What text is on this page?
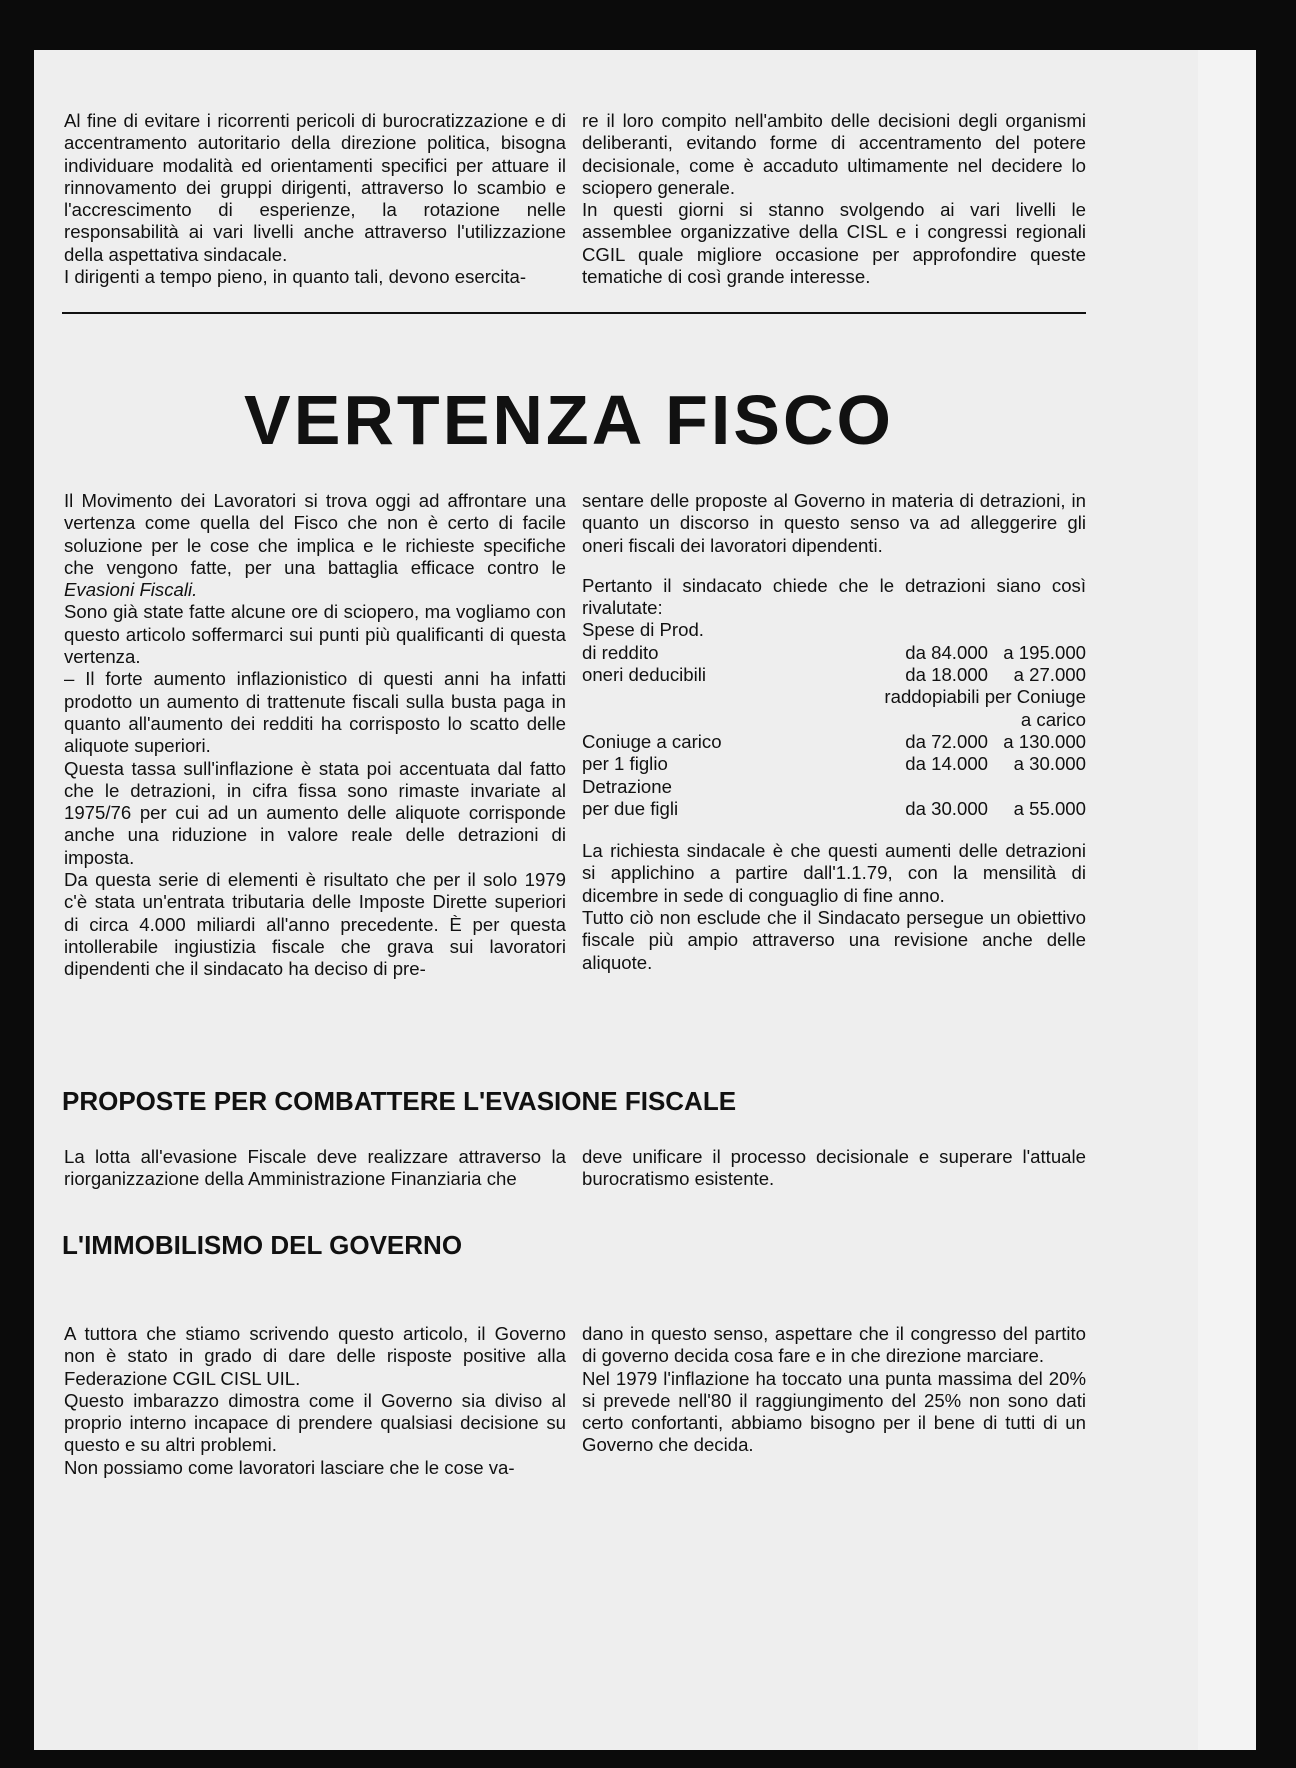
Al fine di evitare i ricorrenti pericoli di burocratizzazione e di accentramento autoritario della direzione politica, bisogna individuare modalità ed orientamenti specifici per attuare il rinnovamento dei gruppi dirigenti, attraverso lo scambio e l'accrescimento di esperienze, la rotazione nelle responsabilità ai vari livelli anche attraverso l'utilizzazione della aspettativa sindacale.

I dirigenti a tempo pieno, in quanto tali, devono esercita-

re il loro compito nell'ambito delle decisioni degli organismi deliberanti, evitando forme di accentramento del potere decisionale, come è accaduto ultimamente nel decidere lo sciopero generale.

In questi giorni si stanno svolgendo ai vari livelli le assemblee organizzative della CISL e i congressi regionali CGIL quale migliore occasione per approfondire queste tematiche di così grande interesse.

VERTENZA FISCO

Il Movimento dei Lavoratori si trova oggi ad affrontare una vertenza come quella del Fisco che non è certo di facile soluzione per le cose che implica e le richieste specifiche che vengono fatte, per una battaglia efficace contro le Evasioni Fiscali.

Sono già state fatte alcune ore di sciopero, ma vogliamo con questo articolo soffermarci sui punti più qualificanti di questa vertenza.

– Il forte aumento inflazionistico di questi anni ha infatti prodotto un aumento di trattenute fiscali sulla busta paga in quanto all'aumento dei redditi ha corrisposto lo scatto delle aliquote superiori.

Questa tassa sull'inflazione è stata poi accentuata dal fatto che le detrazioni, in cifra fissa sono rimaste invariate al 1975/76 per cui ad un aumento delle aliquote corrisponde anche una riduzione in valore reale delle detrazioni di imposta.

Da questa serie di elementi è risultato che per il solo 1979 c'è stata un'entrata tributaria delle Imposte Dirette superiori di circa 4.000 miliardi all'anno precedente. È per questa intollerabile ingiustizia fiscale che grava sui lavoratori dipendenti che il sindacato ha deciso di pre-

sentare delle proposte al Governo in materia di detrazioni, in quanto un discorso in questo senso va ad alleggerire gli oneri fiscali dei lavoratori dipendenti.

Pertanto il sindacato chiede che le detrazioni siano così rivalutate:

Spese di Prod.		
di reddito	da 84.000	a 195.000
oneri deducibili	da 18.000	a 27.000
raddopiabili per Coniuge		
a carico		
Coniuge a carico	da 72.000	a 130.000
per 1 figlio	da 14.000	a 30.000
Detrazione		
per due figli	da 30.000	a 55.000

La richiesta sindacale è che questi aumenti delle detrazioni si applichino a partire dall'1.1.79, con la mensilità di dicembre in sede di conguaglio di fine anno.

Tutto ciò non esclude che il Sindacato persegue un obiettivo fiscale più ampio attraverso una revisione anche delle aliquote.

PROPOSTE PER COMBATTERE L'EVASIONE FISCALE

La lotta all'evasione Fiscale deve realizzare attraverso la riorganizzazione della Amministrazione Finanziaria che

deve unificare il processo decisionale e superare l'attuale burocratismo esistente.

L'IMMOBILISMO DEL GOVERNO

A tuttora che stiamo scrivendo questo articolo, il Governo non è stato in grado di dare delle risposte positive alla Federazione CGIL CISL UIL.

Questo imbarazzo dimostra come il Governo sia diviso al proprio interno incapace di prendere qualsiasi decisione su questo e su altri problemi.

Non possiamo come lavoratori lasciare che le cose va-

dano in questo senso, aspettare che il congresso del partito di governo decida cosa fare e in che direzione marciare.

Nel 1979 l'inflazione ha toccato una punta massima del 20% si prevede nell'80 il raggiungimento del 25% non sono dati certo confortanti, abbiamo bisogno per il bene di tutti di un Governo che decida.
